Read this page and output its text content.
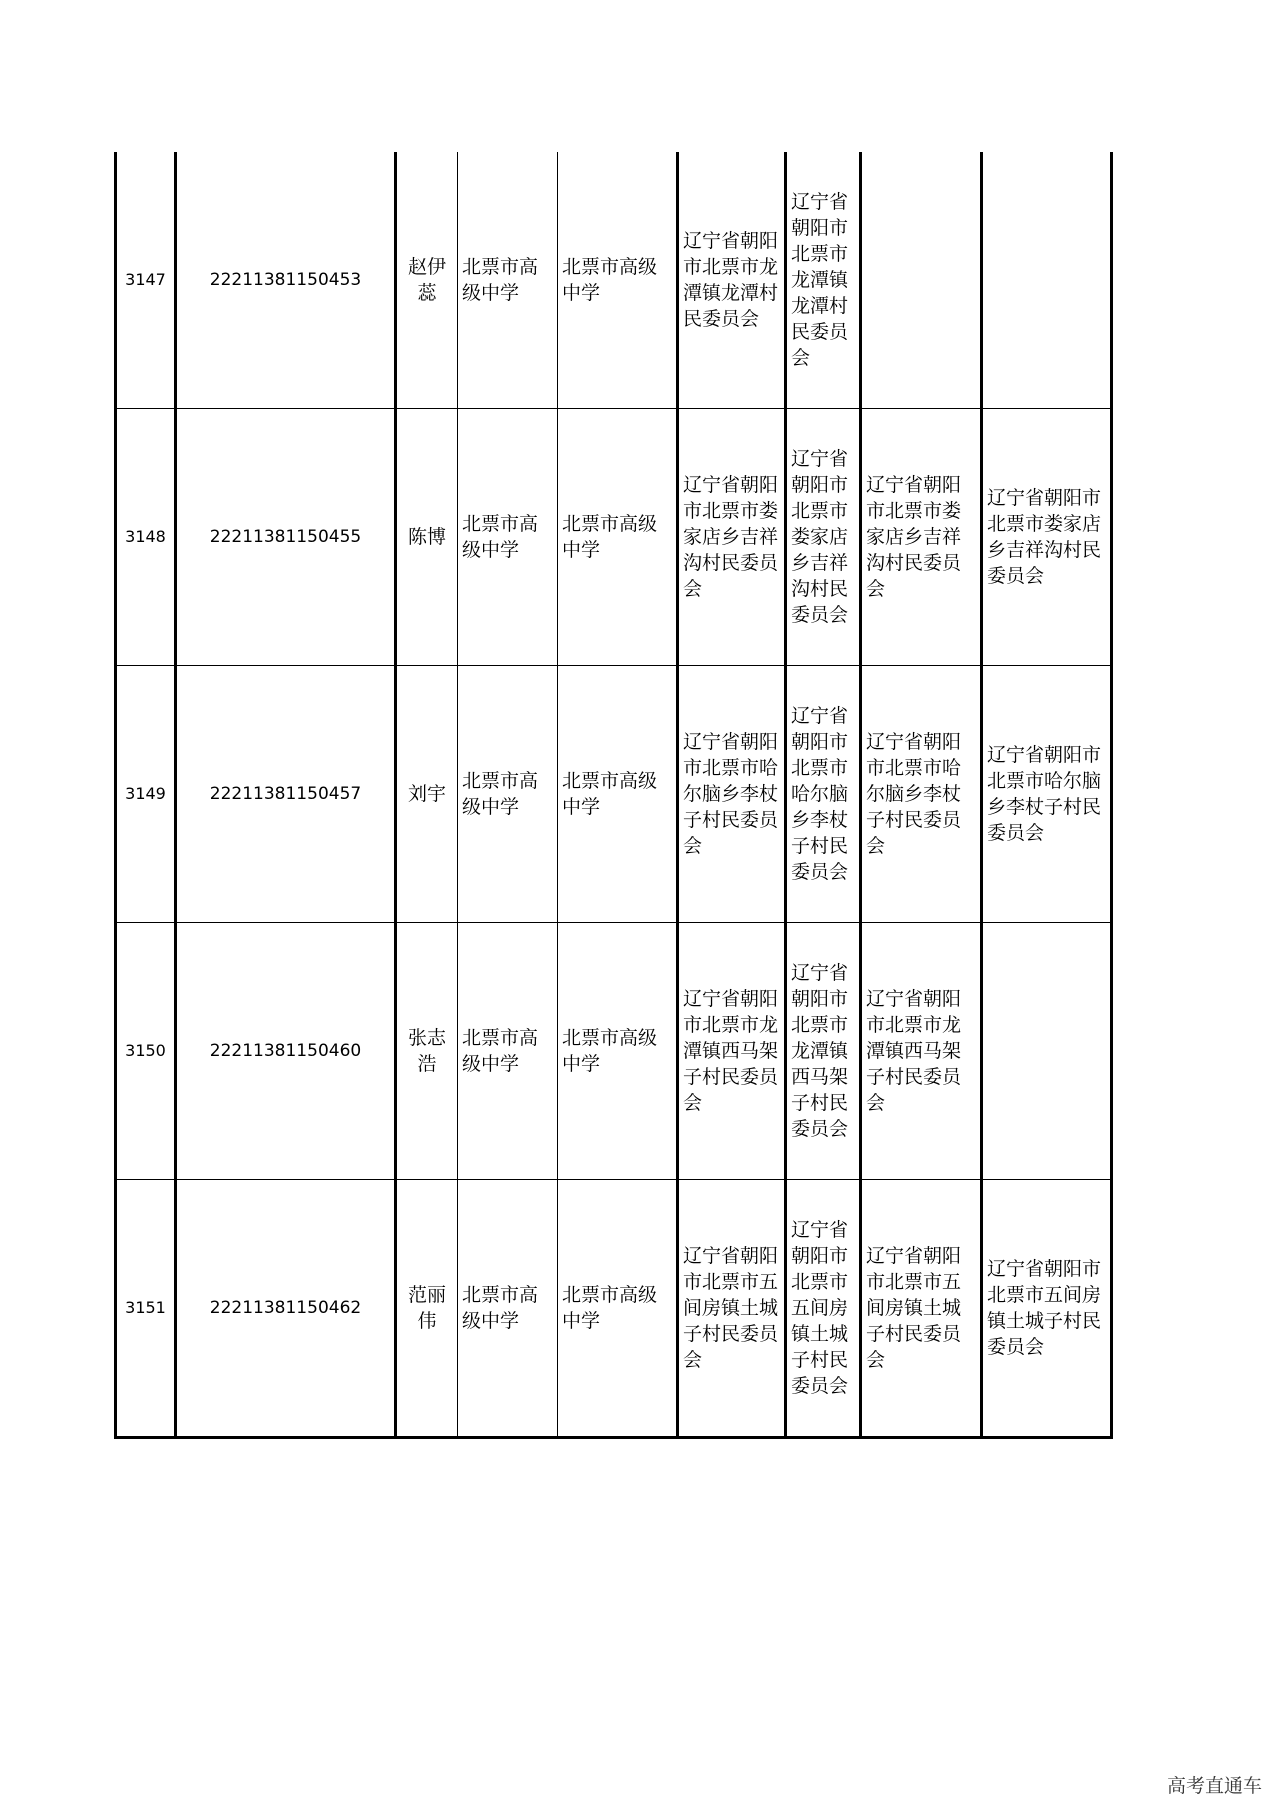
3147	22211381150453	赵伊蕊	北票市高级中学	北票市高级中学	辽宁省朝阳市北票市龙潭镇龙潭村民委员会	辽宁省朝阳市北票市龙潭镇龙潭村民委员会		
3148	22211381150455	陈博	北票市高级中学	北票市高级中学	辽宁省朝阳市北票市娄家店乡吉祥沟村民委员会	辽宁省朝阳市北票市娄家店乡吉祥沟村民委员会	辽宁省朝阳市北票市娄家店乡吉祥沟村民委员会	辽宁省朝阳市北票市娄家店乡吉祥沟村民委员会
3149	22211381150457	刘宇	北票市高级中学	北票市高级中学	辽宁省朝阳市北票市哈尔脑乡李杖子村民委员会	辽宁省朝阳市北票市哈尔脑乡李杖子村民委员会	辽宁省朝阳市北票市哈尔脑乡李杖子村民委员会	辽宁省朝阳市北票市哈尔脑乡李杖子村民委员会
3150	22211381150460	张志浩	北票市高级中学	北票市高级中学	辽宁省朝阳市北票市龙潭镇西马架子村民委员会	辽宁省朝阳市北票市龙潭镇西马架子村民委员会	辽宁省朝阳市北票市龙潭镇西马架子村民委员会	
3151	22211381150462	范丽伟	北票市高级中学	北票市高级中学	辽宁省朝阳市北票市五间房镇土城子村民委员会	辽宁省朝阳市北票市五间房镇土城子村民委员会	辽宁省朝阳市北票市五间房镇土城子村民委员会	辽宁省朝阳市北票市五间房镇土城子村民委员会
高考直通车
